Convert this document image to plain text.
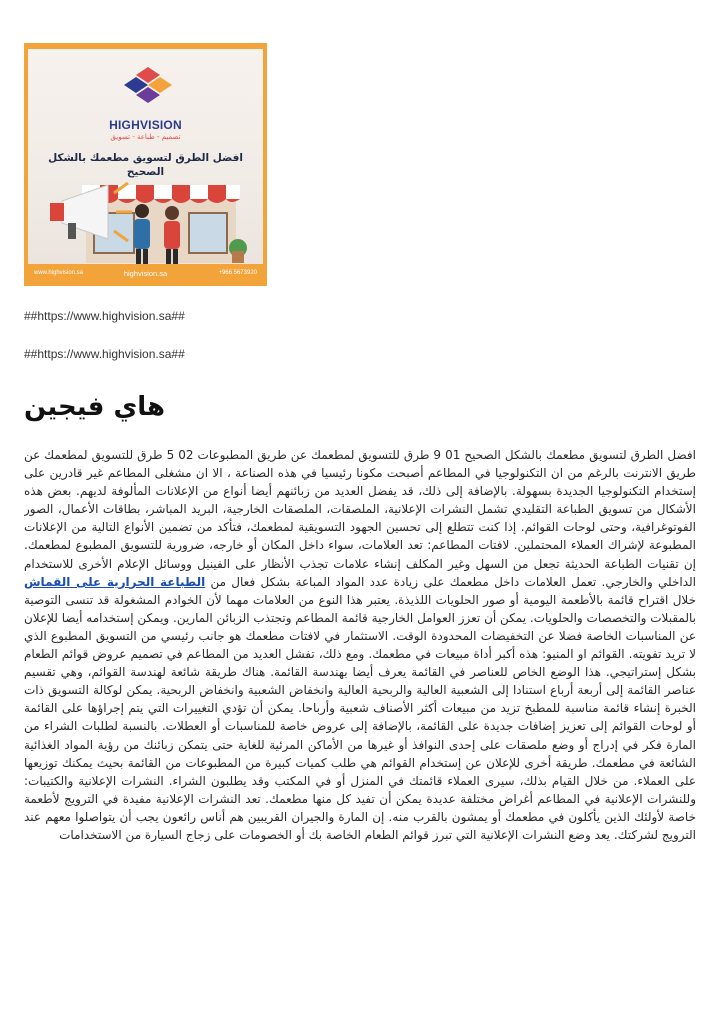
HIGHVISION
تصميم - طباعة - تسويق
افضل الطرق لتسويق مطعمك بالشكل الصحيح
www.highvision.sa	highvision.sa	+966 5673920
##https://www.highvision.sa##
##https://www.highvision.sa##
هاي فيجين
افضل الطرق لتسويق مطعمك بالشكل الصحيح 01 9 طرق للتسويق لمطعمك عن طريق المطبوعات 02 5 طرق للتسويق لمطعمك عن طريق الانترنت بالرغم من ان التكنولوجيا في المطاعم أصبحت مكونا رئيسيا في هذه الصناعة ، الا ان مشغلى المطاعم غير قادرين على إستخدام التكنولوجيا الجديدة بسهولة. بالإضافة إلى ذلك، قد يفضل العديد من زبائنهم أيضا أنواع من الإعلانات المألوفة لديهم. بعض هذه الأشكال من تسويق الطباعة التقليدي تشمل النشرات الإعلانية، الملصقات، الملصقات الخارجية، البريد المباشر، بطاقات الأعمال، الصور الفوتوغرافية، وحتى لوحات القوائم. إذا كنت تتطلع إلى تحسين الجهود التسويقية لمطعمك، فتأكد من تضمين الأنواع التالية من الإعلانات المطبوعة لإشراك العملاء المحتملين. لافتات المطاعم: تعد العلامات، سواء داخل المكان أو خارجه، ضرورية للتسويق المطبوع لمطعمك. إن تقنيات الطباعة الحديثة تجعل من السهل وغير المكلف إنشاء علامات تجذب الأنظار على الفينيل ووسائل الإعلام الأخرى للاستخدام الداخلي والخارجي. تعمل العلامات داخل مطعمك على زيادة عدد المواد المباعة بشكل فعال من الطباعة الحرارية على القماش خلال اقتراح قائمة بالأطعمة اليومية أو صور الحلويات اللذيذة. يعتبر هذا النوع من العلامات مهما لأن الخوادم المشغولة قد تنسى التوصية بالمقبلات والتخصصات والحلويات. يمكن أن تعزز العوامل الخارجية قائمة المطاعم وتجتذب الزبائن المارين. ويمكن إستخدامه أيضا للإعلان عن المناسبات الخاصة فضلا عن التخفيضات المحدودة الوقت. الاستثمار في لافتات مطعمك هو جانب رئيسي من التسويق المطبوع الذي لا تريد تفويته. القوائم او المنيو: هذه أكبر أداة مبيعات في مطعمك. ومع ذلك، تفشل العديد من المطاعم في تصميم عروض قوائم الطعام بشكل إستراتيجي. هذا الوضع الخاص للعناصر في القائمة يعرف أيضا بهندسة القائمة. هناك طريقة شائعة لهندسة القوائم، وهي تقسيم عناصر القائمة إلى أربعة أرباع استنادا إلى الشعبية العالية والربحية العالية وانخفاض الشعبية وانخفاض الربحية. يمكن لوكالة التسويق ذات الخبرة إنشاء قائمة مناسبة للمطبخ تزيد من مبيعات أكثر الأصناف شعبية وأرباحا. يمكن أن تؤدي التغييرات التي يتم إجراؤها على القائمة أو لوحات القوائم إلى تعزيز إضافات جديدة على القائمة، بالإضافة إلى عروض خاصة للمناسبات أو العطلات. بالنسبة لطلبات الشراء من المارة فكر في إدراج أو وضع ملصقات على إحدى النوافذ أو غيرها من الأماكن المرئية للغاية حتى يتمكن زبائنك من رؤية المواد الغذائية الشائعة في مطعمك. طريقة أخرى للإعلان عن إستخدام القوائم هي طلب كميات كبيرة من المطبوعات من القائمة بحيث يمكنك توزيعها على العملاء. من خلال القيام بذلك، سيرى العملاء قائمتك في المنزل أو في المكتب وقد يطلبون الشراء. النشرات الإعلانية والكتيبات: وللنشرات الإعلانية في المطاعم أغراض مختلفة عديدة يمكن أن تفيد كل منها مطعمك. تعد النشرات الإعلانية مفيدة في الترويج لأطعمة خاصة لأولئك الذين يأكلون في مطعمك أو يمشون بالقرب منه. إن المارة والجيران القريبين هم أناس رائعون يجب أن يتواصلوا معهم عند الترويج لشركتك. يعد وضع النشرات الإعلانية التي تبرز قوائم الطعام الخاصة بك أو الخصومات على زجاج السيارة من الاستخدامات
